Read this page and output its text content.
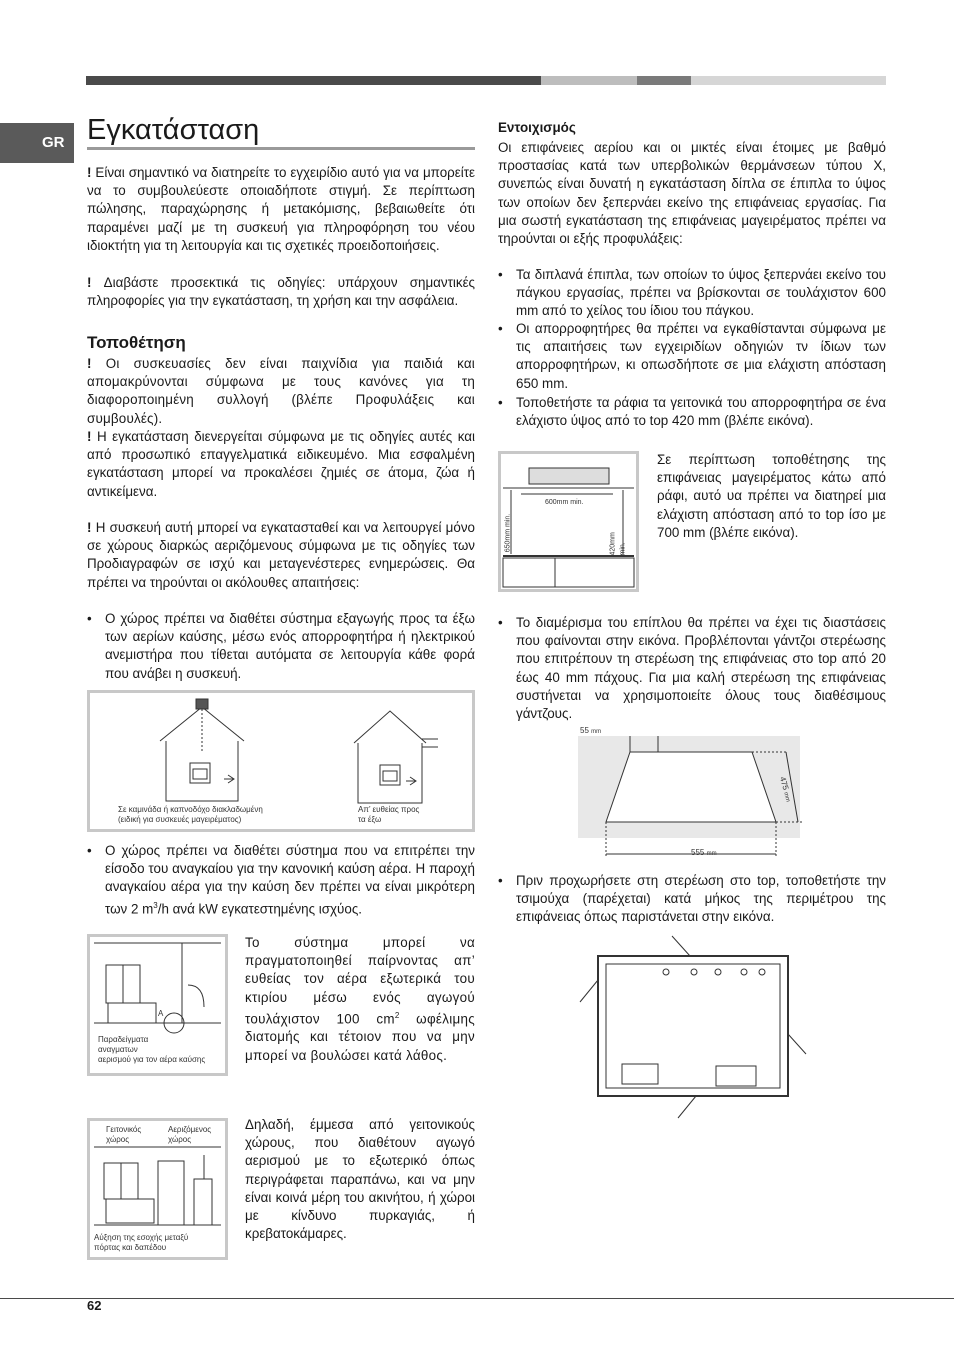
GR Εγκατάσταση
! Είναι σημαντικό να διατηρείτε το εγχειρίδιο αυτό για να μπορείτε να το συμβουλεύεστε οποιαδήποτε στιγμή. Σε περίπτωση πώλησης, παραχώρησης ή μετακόμισης, βεβαιωθείτε ότι παραμένει μαζί με τη συσκευή για πληροφόρηση του νέου ιδιοκτήτη για τη λειτουργία και τις σχετικές προειδοποιήσεις.
! Διαβάστε προσεκτικά τις οδηγίες: υπάρχουν σημαντικές πληροφορίες για την εγκατάσταση, τη χρήση και την ασφάλεια.
Τοποθέτηση
! Οι συσκευασίες δεν είναι παιχνίδια για παιδιά και απομακρύνονται σύμφωνα με τους κανόνες για τη διαφοροποιημένη συλλογή (βλέπε Προφυλάξεις και συμβουλές).
! Η εγκατάσταση διενεργείται σύμφωνα με τις οδηγίες αυτές και από προσωπικό επαγγελματικά ειδικευμένο. Μια εσφαλμένη εγκατάσταση μπορεί να προκαλέσει ζημιές σε άτομα, ζώα ή αντικείμενα.
! Η συσκευή αυτή μπορεί να εγκατασταθεί και να λειτουργεί μόνο σε χώρους διαρκώς αεριζόμενους σύμφωνα με τις οδηγίες των Προδιαγραφών σε ισχύ και μεταγενέστερες ενημερώσεις. Θα πρέπει να τηρούνται οι ακόλουθες απαιτήσεις:
• Ο χώρος πρέπει να διαθέτει σύστημα εξαγωγής προς τα έξω των αερίων καύσης, μέσω ενός απορροφητήρα ή ηλεκτρικού ανεμιστήρα που τίθεται αυτόματα σε λειτουργία κάθε φορά που ανάβει η συσκευή.
Σε καμινάδα ή καπνοδόχο διακλαδωμένη
(ειδική για συσκευές μαγειρέματος)
Απ’ ευθείας προς
τα έξω
• Ο χώρος πρέπει να διαθέτει σύστημα που να επιτρέπει την είσοδο του αναγκαίου για την κανονική καύση αέρα. Η παροχή αναγκαίου αέρα για την καύση δεν πρέπει να είναι μικρότερη των 2 $m^3/h$ ανά kW εγκατεστημένης ισχύος.
A
Παραδείγματα
αναγματων
αερισμού για τον αέρα καύσης
Το σύστημα μπορεί να πραγματοποιηθεί παίρνοντας απ’ ευθείας τον αέρα εξωτερικά του κτιρίου μέσω ενός αγωγού τουλάχιστον 100 $cm^2$ ωφέλιμης διατομής και τέτοιον που να μην μπορεί να βουλώσει κατά λάθος.
Γειτονικός
χώρος
Αεριζόμενος
χώρος
Αύξηση της εσοχής μεταξύ
πόρτας και δαπέδου
Δηλαδή, έμμεσα από γειτονικούς χώρους, που διαθέτουν αγωγό αερισμού με το εξωτερικό όπως περιγράφεται παραπάνω, και να μην είναι κοινά μέρη του ακινήτου, ή χώροι με κίνδυνο πυρκαγιάς, ή κρεβατοκάμαρες.
Εντοιχισμός
Οι επιφάνειες αερίου και οι μικτές είναι έτοιμες με βαθμό προστασίας κατά των υπερβολικών θερμάνσεων τύπου X, συνεπώς είναι δυνατή η εγκατάσταση δίπλα σε έπιπλα το ύψος των οποίων δεν ξεπερνάει εκείνο της επιφάνειας εργασίας. Για μια σωστή εγκατάσταση της επιφάνειας μαγειρέματος πρέπει να τηρούνται οι εξής προφυλάξεις:
• Τα διπλανά έπιπλα, των οποίων το ύψος ξεπερνάει εκείνο του πάγκου εργασίας, πρέπει να βρίσκονται σε τουλάχιστον 600 mm από το χείλος του ίδιου του πάγκου.
• Οι απορροφητήρες θα πρέπει να εγκαθίστανται σύμφωνα με τις απαιτήσεις των εγχειριδίων οδηγιών τν ίδιων των απορροφητήρων, κι οπωσδήποτε σε μια ελάχιστη απόσταση 650 mm.
• Τοποθετήστε τα ράφια τα γειτονικά του απορροφητήρα σε ένα ελάχιστο ύψος από το top 420 mm (βλέπε εικόνα).
600mm min.
650mm min.	420mm min.
Σε περίπτωση τοποθέτησης της επιφάνειας μαγειρέματος κάτω από ράφι, αυτό υα πρέπει να διατηρεί μια ελάχιστη απόσταση από το top ίσο με 700 mm (βλέπε εικόνα).
• Το διαμέρισμα του επίπλου θα πρέπει να έχει τις διαστάσεις που φαίνονται στην εικόνα. Προβλέπονται γάντζοι στερέωσης που επιτρέπουν τη στερέωση της επιφάνειας στο top από 20 έως 40 mm πάχους. Για μια καλή στερέωση της επιφάνειας συστήνεται να χρησιμοποιείτε όλους τους διαθέσιμους γάντζους.
55 mm
555 mm
475 mm
• Πριν προχωρήσετε στη στερέωση στο top, τοποθετήστε την τσιμούχα (παρέχεται) κατά μήκος της περιμέτρου της επιφάνειας όπως παριστάνεται στην εικόνα.
62
